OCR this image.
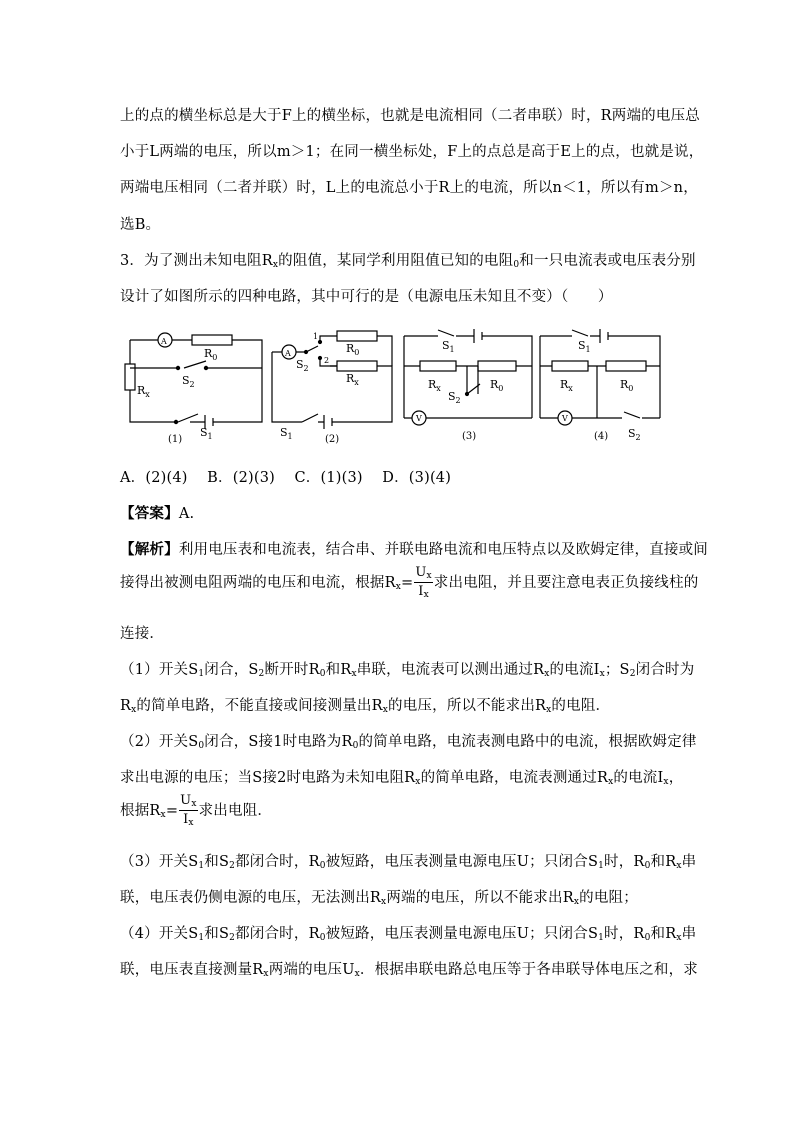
上的点的横坐标总是大于F上的横坐标，也就是电流相同（二者串联）时，R两端的电压总
小于L两端的电压，所以m＞1；在同一横坐标处，F上的点总是高于E上的点，也就是说，
两端电压相同（二者并联）时，L上的电流总小于R上的电流，所以n＜1，所以有m＞n，
选B。
3．为了测出未知电阻$R_x$的阻值，某同学利用阻值已知的电阻$_0$和一只电流表或电压表分别
设计了如图所示的四种电路，其中可行的是（电源电压未知且不变）（　　）
A
$R_0$
$R_x$
$S_2$
$S_1$
(1)
A
1
2
$R_0$
$R_x$
$S_2$
$S_1$	(2)
$S_1$
$R_x$	$R_0$
$S_2$
V
(3)
$S_1$
$R_x$	$R_0$
V
(4) $S_2$
A．(2)(4)　 B．(2)(3)　 C．(1)(3)　 D．(3)(4)
【答案】A.
【解析】利用电压表和电流表，结合串、并联电路电流和电压特点以及欧姆定律，直接或间
接得出被测电阻两端的电压和电流，根据$R_x= \frac{U_x}{I_x}$ 求出电阻，并且要注意电表正负接线柱的
连接．
（1）开关$S_1$闭合，$S_2$断开时$R_0$和$R_x$串联，电流表可以测出通过$R_x$的电流$I_x$；$S_2$闭合时为
$R_x$的简单电路，不能直接或间接测量出$R_x$的电压，所以不能求出$R_x$的电阻．
（2）开关$S_0$闭合，S接1时电路为$R_0$的简单电路，电流表测电路中的电流，根据欧姆定律
求出电源的电压；当S接2时电路为未知电阻$R_x$的简单电路，电流表测通过$R_x$的电流$I_x$，
根据$R_x= \frac{U_x}{I_x}$ 求出电阻．
（3）开关$S_1$和$S_2$都闭合时，$R_0$被短路，电压表测量电源电压U；只闭合$S_1$时，$R_0$和$R_x$串
联，电压表仍侧电源的电压，无法测出$R_x$两端的电压，所以不能求出$R_x$的电阻；
（4）开关$S_1$和$S_2$都闭合时，$R_0$被短路，电压表测量电源电压U；只闭合$S_1$时，$R_0$和$R_x$串
联，电压表直接测量$R_x$两端的电压$U_x$．根据串联电路总电压等于各串联导体电压之和，求
